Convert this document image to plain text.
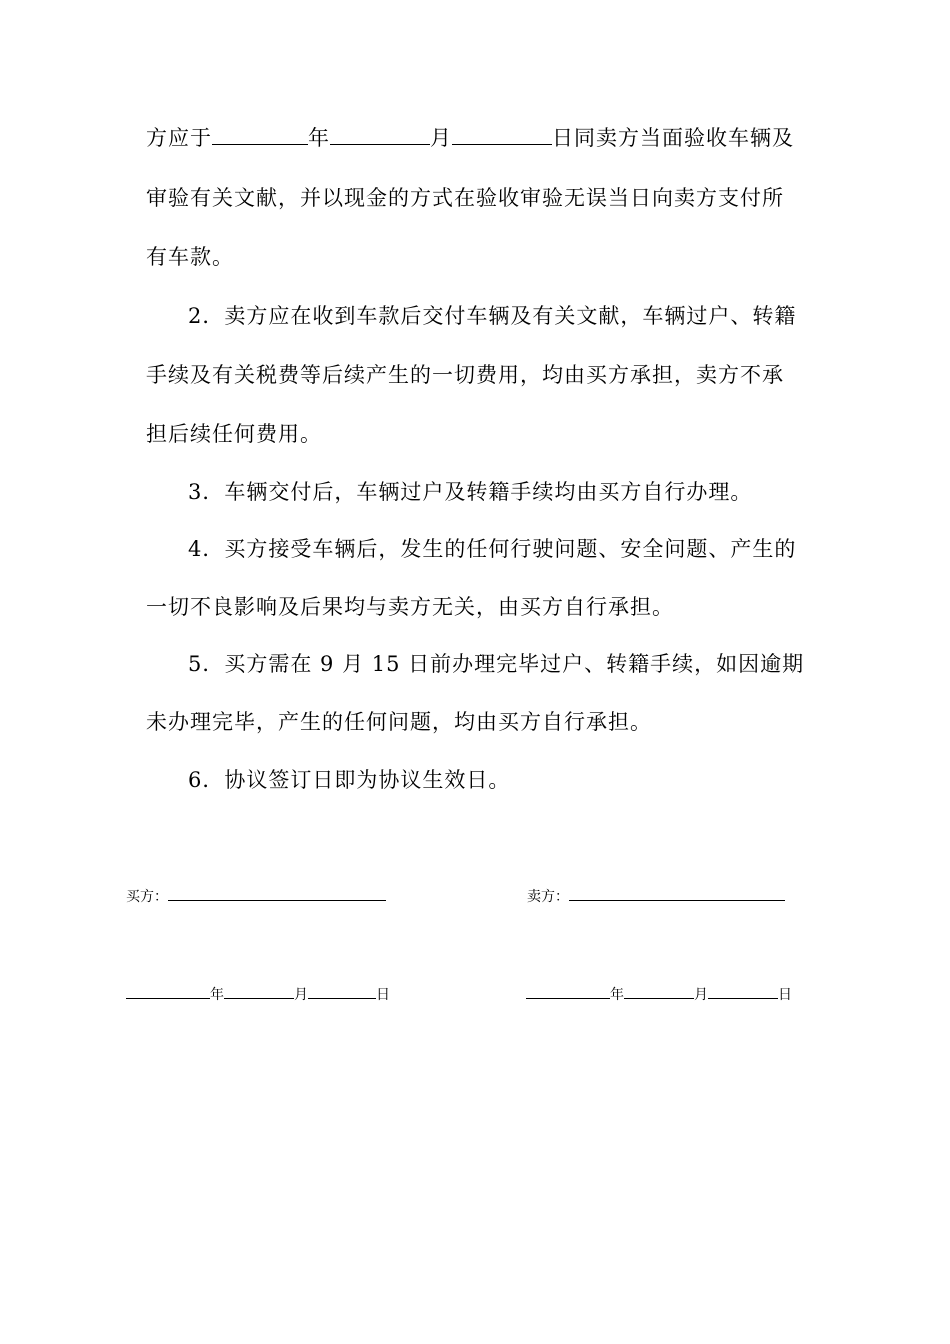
方应于	年	月	日同卖方当面验收车辆及
审验有关文献，并以现金的方式在验收审验无误当日向卖方支付所
有车款。
2．卖方应在收到车款后交付车辆及有关文献，车辆过户、转籍
手续及有关税费等后续产生的一切费用，均由买方承担，卖方不承
担后续任何费用。
3．车辆交付后，车辆过户及转籍手续均由买方自行办理。
4．买方接受车辆后，发生的任何行驶问题、安全问题、产生的
一切不良影响及后果均与卖方无关，由买方自行承担。
5．买方需在 9 月 15 日前办理完毕过户、转籍手续，如因逾期
未办理完毕，产生的任何问题，均由买方自行承担。
6．协议签订日即为协议生效日。
买方：	卖方：
年	月	日	年	月	日
